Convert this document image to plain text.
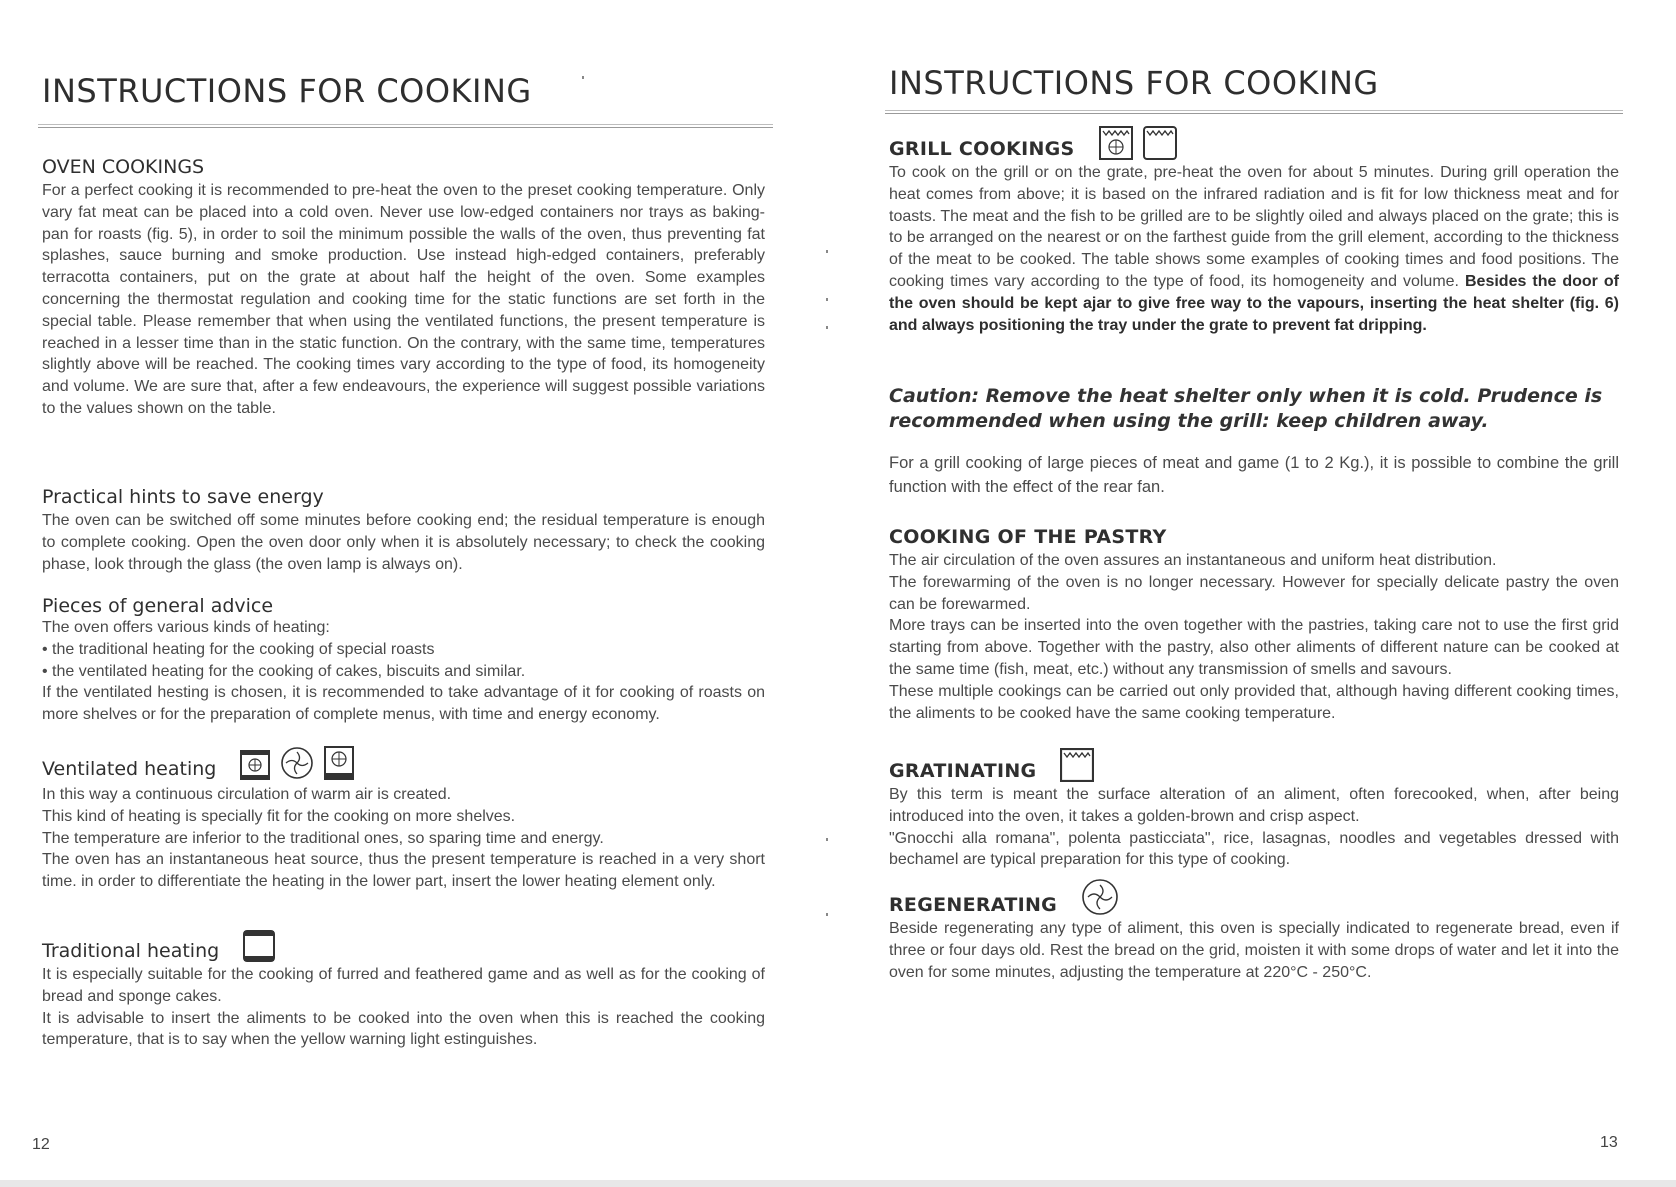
INSTRUCTIONS FOR COOKING
OVEN COOKINGS

For a perfect cooking it is recommended to pre-heat the oven to the preset cooking temperature. Only vary fat meat can be placed into a cold oven. Never use low-edged containers nor trays as baking-pan for roasts (fig. 5), in order to soil the minimum possible the walls of the oven, thus preventing fat splashes, sauce burning and smoke production. Use instead high-edged containers, preferably terracotta containers, put on the grate at about half the height of the oven. Some examples concerning the thermostat regulation and cooking time for the static functions are set forth in the special table. Please remember that when using the ventilated functions, the present temperature is reached in a lesser time than in the static function. On the contrary, with the same time, temperatures slightly above will be reached. The cooking times vary according to the type of food, its homogeneity and volume. We are sure that, after a few endeavours, the experience will suggest possible variations to the values shown on the table.

Practical hints to save energy

The oven can be switched off some minutes before cooking end; the residual temperature is enough to complete cooking. Open the oven door only when it is absolutely necessary; to check the cooking phase, look through the glass (the oven lamp is always on).

Pieces of general advice

The oven offers various kinds of heating:

• the traditional heating for the cooking of special roasts

• the ventilated heating for the cooking of cakes, biscuits and similar.

If the ventilated hesting is chosen, it is recommended to take advantage of it for cooking of roasts on more shelves or for the preparation of complete menus, with time and energy economy.

Ventilated heating

In this way a continuous circulation of warm air is created.

This kind of heating is specially fit for the cooking on more shelves.

The temperature are inferior to the traditional ones, so sparing time and energy.

The oven has an instantaneous heat source, thus the present temperature is reached in a very short time. in order to differentiate the heating in the lower part, insert the lower heating element only.

Traditional heating

It is especially suitable for the cooking of furred and feathered game and as well as for the cooking of bread and sponge cakes.

It is advisable to insert the aliments to be cooked into the oven when this is reached the cooking temperature, that is to say when the yellow warning light estinguishes.

12
INSTRUCTIONS FOR COOKING
GRILL COOKINGS

To cook on the grill or on the grate, pre-heat the oven for about 5 minutes. During grill operation the heat comes from above; it is based on the infrared radiation and is fit for low thickness meat and for toasts. The meat and the fish to be grilled are to be slightly oiled and always placed on the grate; this is to be arranged on the nearest or on the farthest guide from the grill element, according to the thickness of the meat to be cooked. The table shows some examples of cooking times and food positions. The cooking times vary according to the type of food, its homogeneity and volume. Besides the door of the oven should be kept ajar to give free way to the vapours, inserting the heat shelter (fig. 6) and always positioning the tray under the grate to prevent fat dripping.

Caution: Remove the heat shelter only when it is cold. Prudence is recommended when using the grill: keep children away.

For a grill cooking of large pieces of meat and game (1 to 2 Kg.), it is possible to combine the grill function with the effect of the rear fan.

COOKING OF THE PASTRY

The air circulation of the oven assures an instantaneous and uniform heat distribution.

The forewarming of the oven is no longer necessary. However for specially delicate pastry the oven can be forewarmed.

More trays can be inserted into the oven together with the pastries, taking care not to use the first grid starting from above. Together with the pastry, also other aliments of different nature can be cooked at the same time (fish, meat, etc.) without any transmission of smells and savours.

These multiple cookings can be carried out only provided that, although having different cooking times, the aliments to be cooked have the same cooking temperature.

GRATINATING

By this term is meant the surface alteration of an aliment, often forecooked, when, after being introduced into the oven, it takes a golden-brown and crisp aspect.

"Gnocchi alla romana", polenta pasticciata", rice, lasagnas, noodles and vegetables dressed with bechamel are typical preparation for this type of cooking.

REGENERATING

Beside regenerating any type of aliment, this oven is specially indicated to regenerate bread, even if three or four days old. Rest the bread on the grid, moisten it with some drops of water and let it into the oven for some minutes, adjusting the temperature at 220°C - 250°C.

13
